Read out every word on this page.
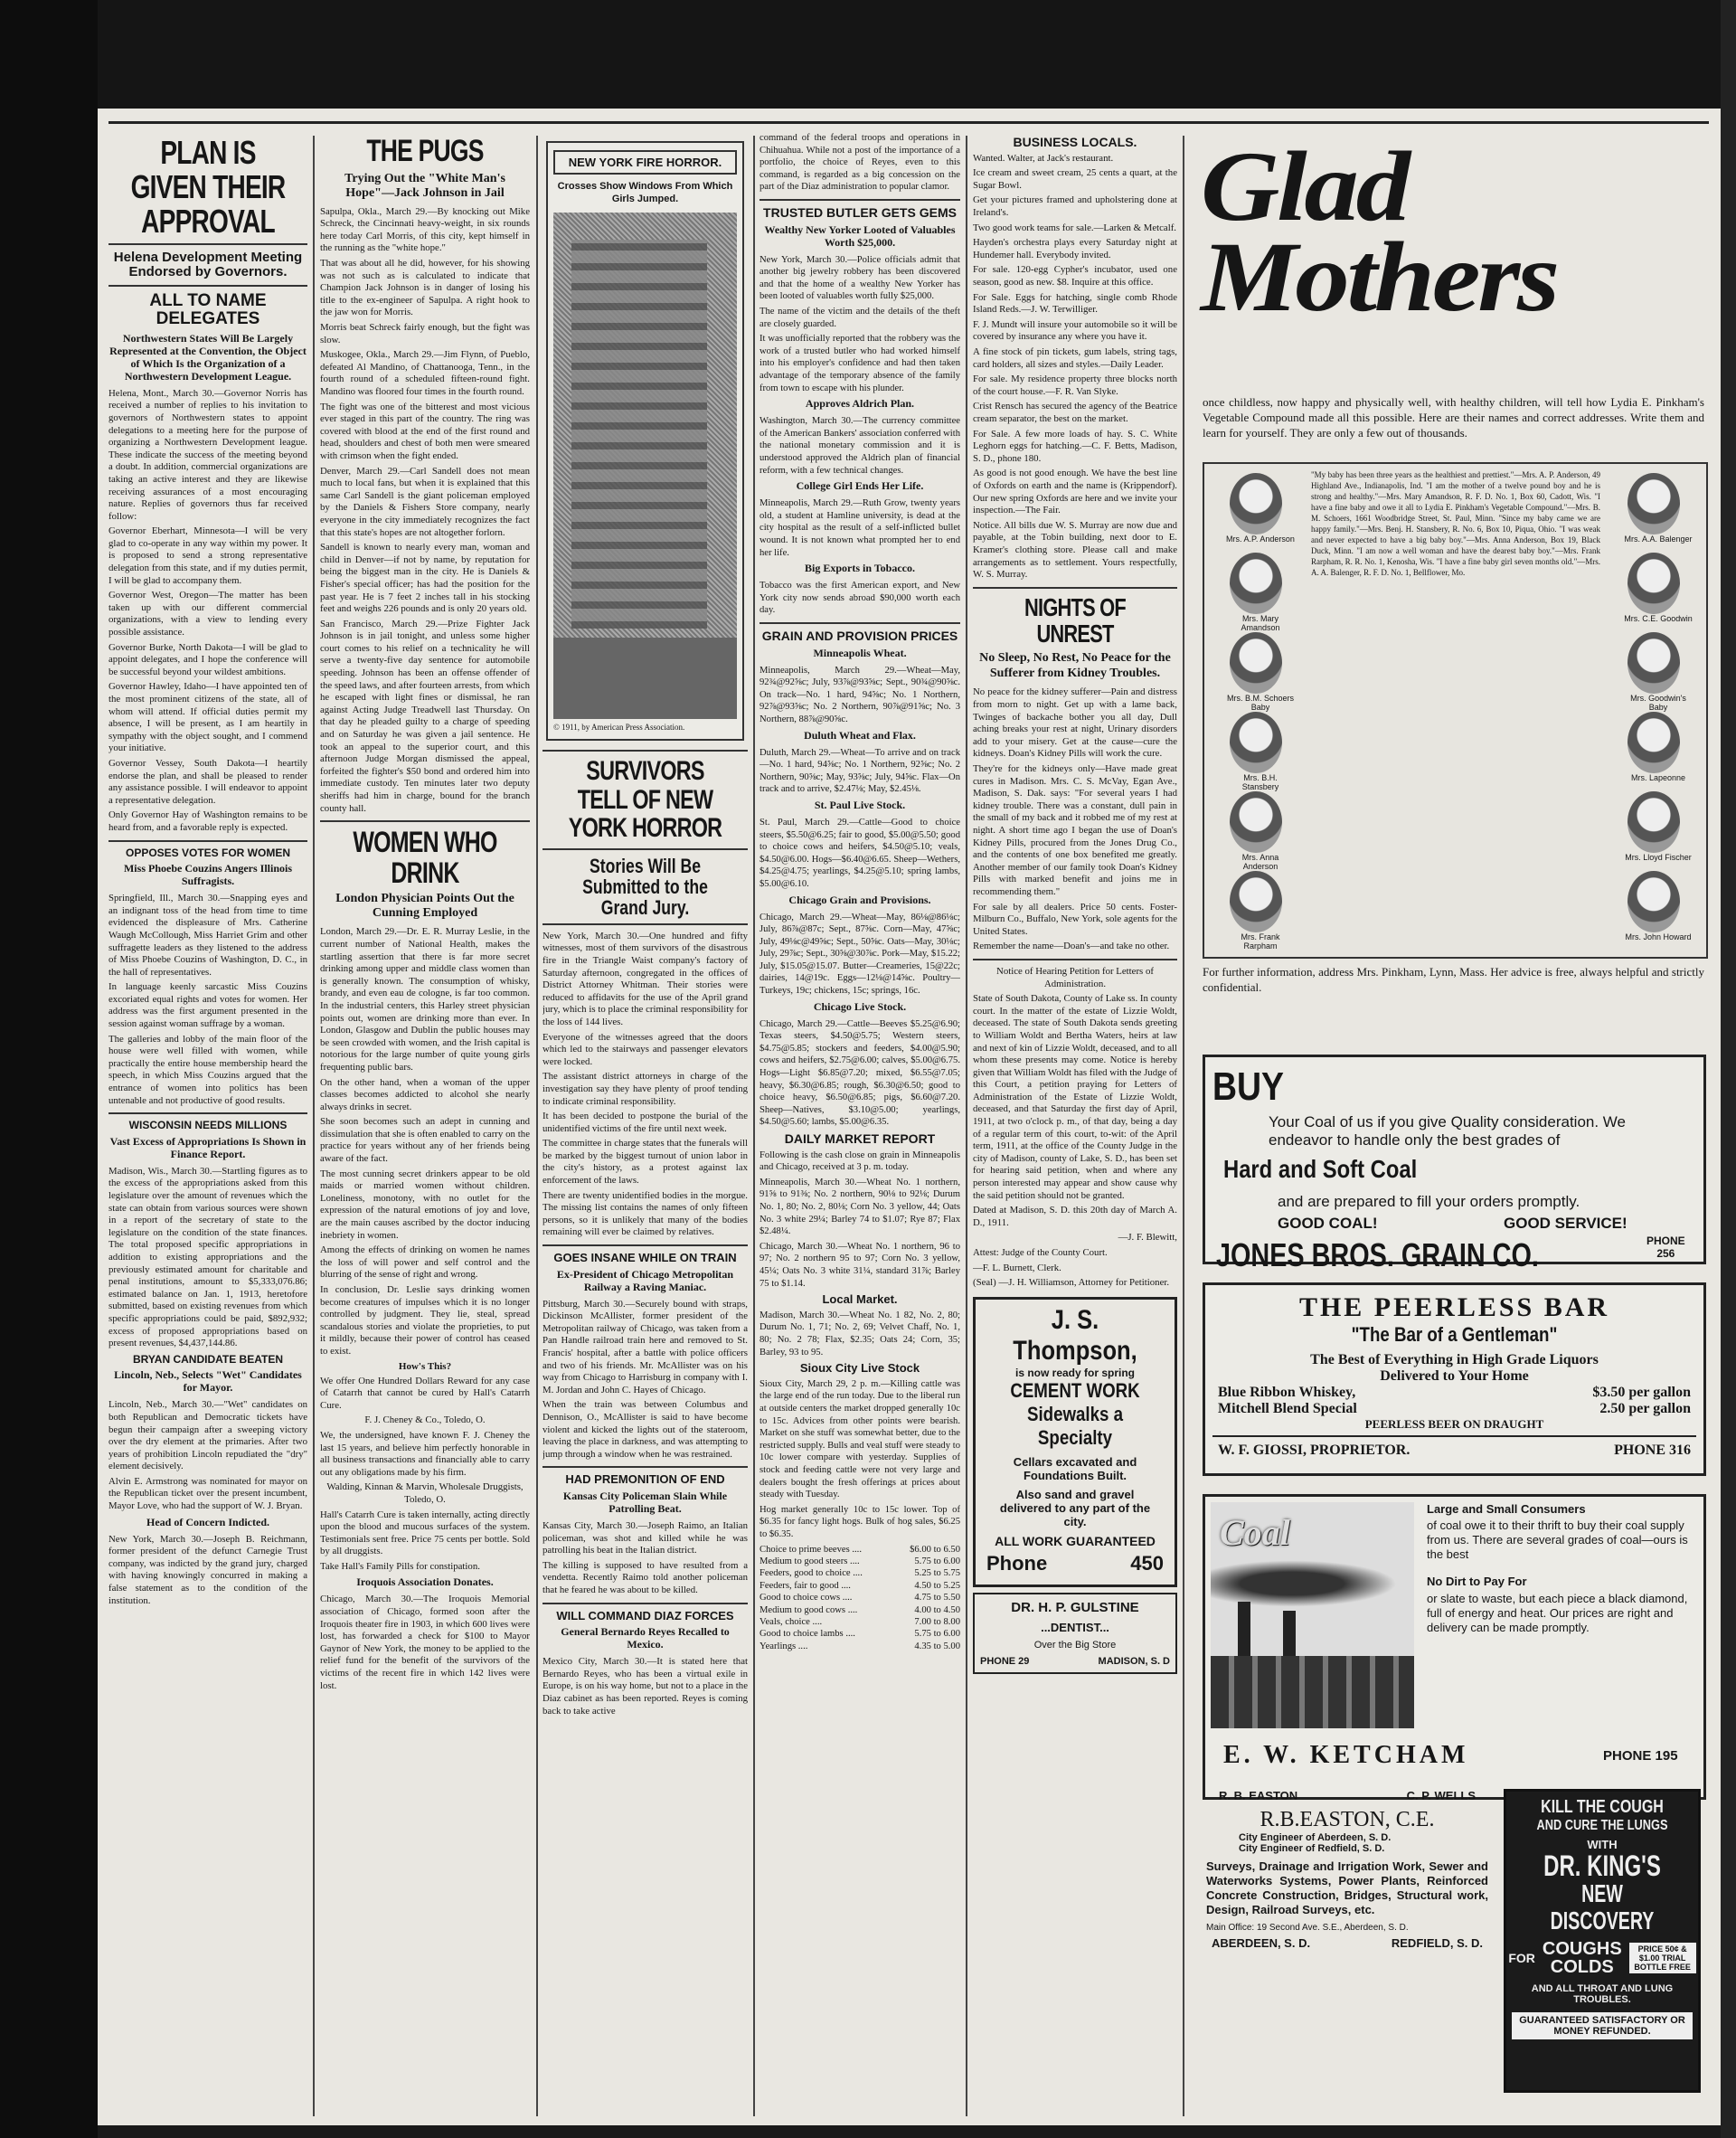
PLAN IS GIVEN THEIR APPROVAL
Helena Development Meeting Endorsed by Governors.
ALL TO NAME DELEGATES
Northwestern States Will Be Largely Represented at the Convention, the Object of Which Is the Organization of a Northwestern Development League.

Helena, Mont., March 30.—Governor Norris has received a number of replies to his invitation to governors of Northwestern states to appoint delegations to a meeting here for the purpose of organizing a Northwestern Development league. These indicate the success of the meeting beyond a doubt. In addition, commercial organizations are taking an active interest and they are likewise receiving assurances of a most encouraging nature. Replies of governors thus far received follow:

Governor Eberhart, Minnesota—I will be very glad to co-operate in any way within my power. It is proposed to send a strong representative delegation from this state, and if my duties permit, I will be glad to accompany them.

Governor West, Oregon—The matter has been taken up with our different commercial organizations, with a view to lending every possible assistance.

Governor Burke, North Dakota—I will be glad to appoint delegates, and I hope the conference will be successful beyond your wildest ambitions.

Governor Hawley, Idaho—I have appointed ten of the most prominent citizens of the state, all of whom will attend. If official duties permit my absence, I will be present, as I am heartily in sympathy with the object sought, and I commend your initiative.

Governor Vessey, South Dakota—I heartily endorse the plan, and shall be pleased to render any assistance possible. I will endeavor to appoint a representative delegation.

Only Governor Hay of Washington remains to be heard from, and a favorable reply is expected.

OPPOSES VOTES FOR WOMEN
Miss Phoebe Couzins Angers Illinois Suffragists.

Springfield, Ill., March 30.—Snapping eyes and an indignant toss of the head from time to time evidenced the displeasure of Mrs. Catherine Waugh McCollough, Miss Harriet Grim and other suffragette leaders as they listened to the address of Miss Phoebe Couzins of Washington, D. C., in the hall of representatives.

In language keenly sarcastic Miss Couzins excoriated equal rights and votes for women. Her address was the first argument presented in the session against woman suffrage by a woman.

The galleries and lobby of the main floor of the house were well filled with women, while practically the entire house membership heard the speech, in which Miss Couzins argued that the entrance of women into politics has been untenable and not productive of good results.

WISCONSIN NEEDS MILLIONS
Vast Excess of Appropriations Is Shown in Finance Report.

Madison, Wis., March 30.—Startling figures as to the excess of the appropriations asked from this legislature over the amount of revenues which the state can obtain from various sources were shown in a report of the secretary of state to the legislature on the condition of the state finances. The total proposed specific appropriations in addition to existing appropriations and the previously estimated amount for charitable and penal institutions, amount to $5,333,076.86; estimated balance on Jan. 1, 1913, heretofore submitted, based on existing revenues from which specific appropriations could be paid, $892,932; excess of proposed appropriations based on present revenues, $4,437,144.86.

BRYAN CANDIDATE BEATEN
Lincoln, Neb., Selects "Wet" Candidates for Mayor.

Lincoln, Neb., March 30.—"Wet" candidates on both Republican and Democratic tickets have begun their campaign after a sweeping victory over the dry element at the primaries. After two years of prohibition Lincoln repudiated the "dry" element decisively.

Alvin E. Armstrong was nominated for mayor on the Republican ticket over the present incumbent, Mayor Love, who had the support of W. J. Bryan.

Head of Concern Indicted.

New York, March 30.—Joseph B. Reichmann, former president of the defunct Carnegie Trust company, was indicted by the grand jury, charged with having knowingly concurred in making a false statement as to the condition of the institution.

THE PUGS
Trying Out the "White Man's Hope"—Jack Johnson in Jail

Sapulpa, Okla., March 29.—By knocking out Mike Schreck, the Cincinnati heavy-weight, in six rounds here today Carl Morris, of this city, kept himself in the running as the "white hope."

That was about all he did, however, for his showing was not such as is calculated to indicate that Champion Jack Johnson is in danger of losing his title to the ex-engineer of Sapulpa. A right hook to the jaw won for Morris.

Morris beat Schreck fairly enough, but the fight was slow.

Muskogee, Okla., March 29.—Jim Flynn, of Pueblo, defeated Al Mandino, of Chattanooga, Tenn., in the fourth round of a scheduled fifteen-round fight. Mandino was floored four times in the fourth round.

The fight was one of the bitterest and most vicious ever staged in this part of the country. The ring was covered with blood at the end of the first round and head, shoulders and chest of both men were smeared with crimson when the fight ended.

Denver, March 29.—Carl Sandell does not mean much to local fans, but when it is explained that this same Carl Sandell is the giant policeman employed by the Daniels & Fishers Store company, nearly everyone in the city immediately recognizes the fact that this state's hopes are not altogether forlorn.

Sandell is known to nearly every man, woman and child in Denver—if not by name, by reputation for being the biggest man in the city. He is Daniels & Fisher's special officer; has had the position for the past year. He is 7 feet 2 inches tall in his stocking feet and weighs 226 pounds and is only 20 years old.

San Francisco, March 29.—Prize Fighter Jack Johnson is in jail tonight, and unless some higher court comes to his relief on a technicality he will serve a twenty-five day sentence for automobile speeding. Johnson has been an offense offender of the speed laws, and after fourteen arrests, from which he escaped with light fines or dismissal, he ran against Acting Judge Treadwell last Thursday. On that day he pleaded guilty to a charge of speeding and on Saturday he was given a jail sentence. He took an appeal to the superior court, and this afternoon Judge Morgan dismissed the appeal, forfeited the fighter's $50 bond and ordered him into immediate custody. Ten minutes later two deputy sheriffs had him in charge, bound for the branch county hall.

WOMEN WHO DRINK
London Physician Points Out the Cunning Employed

London, March 29.—Dr. E. R. Murray Leslie, in the current number of National Health, makes the startling assertion that there is far more secret drinking among upper and middle class women than is generally known. The consumption of whisky, brandy, and even eau de cologne, is far too common. In the industrial centers, this Harley street physician points out, women are drinking more than ever. In London, Glasgow and Dublin the public houses may be seen crowded with women, and the Irish capital is notorious for the large number of quite young girls frequenting public bars.

On the other hand, when a woman of the upper classes becomes addicted to alcohol she nearly always drinks in secret.

She soon becomes such an adept in cunning and dissimulation that she is often enabled to carry on the practice for years without any of her friends being aware of the fact.

The most cunning secret drinkers appear to be old maids or married women without children. Loneliness, monotony, with no outlet for the expression of the natural emotions of joy and love, are the main causes ascribed by the doctor inducing inebriety in women.

Among the effects of drinking on women he names the loss of will power and self control and the blurring of the sense of right and wrong.

In conclusion, Dr. Leslie says drinking women become creatures of impulses which it is no longer controlled by judgment. They lie, steal, spread scandalous stories and violate the proprieties, to put it mildly, because their power of control has ceased to exist.

How's This?

We offer One Hundred Dollars Reward for any case of Catarrh that cannot be cured by Hall's Catarrh Cure.

F. J. Cheney & Co., Toledo, O.

We, the undersigned, have known F. J. Cheney the last 15 years, and believe him perfectly honorable in all business transactions and financially able to carry out any obligations made by his firm.

Walding, Kinnan & Marvin, Wholesale Druggists, Toledo, O.

Hall's Catarrh Cure is taken internally, acting directly upon the blood and mucous surfaces of the system. Testimonials sent free. Price 75 cents per bottle. Sold by all druggists.

Take Hall's Family Pills for constipation.

Iroquois Association Donates.

Chicago, March 30.—The Iroquois Memorial association of Chicago, formed soon after the Iroquois theater fire in 1903, in which 600 lives were lost, has forwarded a check for $100 to Mayor Gaynor of New York, the money to be applied to the relief fund for the benefit of the survivors of the victims of the recent fire in which 142 lives were lost.

NEW YORK FIRE HORROR.
Crosses Show Windows From Which Girls Jumped.
© 1911, by American Press Association.
SURVIVORS TELL OF NEW YORK HORROR
Stories Will Be Submitted to the Grand Jury.

New York, March 30.—One hundred and fifty witnesses, most of them survivors of the disastrous fire in the Triangle Waist company's factory of Saturday afternoon, congregated in the offices of District Attorney Whitman. Their stories were reduced to affidavits for the use of the April grand jury, which is to place the criminal responsibility for the loss of 144 lives.

Everyone of the witnesses agreed that the doors which led to the stairways and passenger elevators were locked.

The assistant district attorneys in charge of the investigation say they have plenty of proof tending to indicate criminal responsibility.

It has been decided to postpone the burial of the unidentified victims of the fire until next week.

The committee in charge states that the funerals will be marked by the biggest turnout of union labor in the city's history, as a protest against lax enforcement of the laws.

There are twenty unidentified bodies in the morgue. The missing list contains the names of only fifteen persons, so it is unlikely that many of the bodies remaining will ever be claimed by relatives.

GOES INSANE WHILE ON TRAIN
Ex-President of Chicago Metropolitan Railway a Raving Maniac.

Pittsburg, March 30.—Securely bound with straps, Dickinson McAllister, former president of the Metropolitan railway of Chicago, was taken from a Pan Handle railroad train here and removed to St. Francis' hospital, after a battle with police officers and two of his friends. Mr. McAllister was on his way from Chicago to Harrisburg in company with I. M. Jordan and John C. Hayes of Chicago.

When the train was between Columbus and Dennison, O., McAllister is said to have become violent and kicked the lights out of the stateroom, leaving the place in darkness, and was attempting to jump through a window when he was restrained.

HAD PREMONITION OF END
Kansas City Policeman Slain While Patrolling Beat.

Kansas City, March 30.—Joseph Raimo, an Italian policeman, was shot and killed while he was patrolling his beat in the Italian district.

The killing is supposed to have resulted from a vendetta. Recently Raimo told another policeman that he feared he was about to be killed.

WILL COMMAND DIAZ FORCES
General Bernardo Reyes Recalled to Mexico.

Mexico City, March 30.—It is stated here that Bernardo Reyes, who has been a virtual exile in Europe, is on his way home, but not to a place in the Diaz cabinet as has been reported. Reyes is coming back to take active

command of the federal troops and operations in Chihuahua. While not a post of the importance of a portfolio, the choice of Reyes, even to this command, is regarded as a big concession on the part of the Diaz administration to popular clamor.

TRUSTED BUTLER GETS GEMS
Wealthy New Yorker Looted of Valuables Worth $25,000.

New York, March 30.—Police officials admit that another big jewelry robbery has been discovered and that the home of a wealthy New Yorker has been looted of valuables worth fully $25,000.

The name of the victim and the details of the theft are closely guarded.

It was unofficially reported that the robbery was the work of a trusted butler who had worked himself into his employer's confidence and had then taken advantage of the temporary absence of the family from town to escape with his plunder.

Approves Aldrich Plan.

Washington, March 30.—The currency committee of the American Bankers' association conferred with the national monetary commission and it is understood approved the Aldrich plan of financial reform, with a few technical changes.

College Girl Ends Her Life.

Minneapolis, March 29.—Ruth Grow, twenty years old, a student at Hamline university, is dead at the city hospital as the result of a self-inflicted bullet wound. It is not known what prompted her to end her life.

Big Exports in Tobacco.

Tobacco was the first American export, and New York city now sends abroad $90,000 worth each day.

GRAIN AND PROVISION PRICES
Minneapolis Wheat.

Minneapolis, March 29.—Wheat—May, 92¾@92⅝c; July, 93⅞@93⅝c; Sept., 90¾@90⅝c. On track—No. 1 hard, 94⅝c; No. 1 Northern, 92⅞@93⅝c; No. 2 Northern, 90⅞@91⅝c; No. 3 Northern, 88⅞@90⅝c.

Duluth Wheat and Flax.

Duluth, March 29.—Wheat—To arrive and on track—No. 1 hard, 94⅝c; No. 1 Northern, 92⅝c; No. 2 Northern, 90⅝c; May, 93⅝c; July, 94⅝c. Flax—On track and to arrive, $2.47⅛; May, $2.45⅛.

St. Paul Live Stock.

St. Paul, March 29.—Cattle—Good to choice steers, $5.50@6.25; fair to good, $5.00@5.50; good to choice cows and heifers, $4.50@5.10; veals, $4.50@6.00. Hogs—$6.40@6.65. Sheep—Wethers, $4.25@4.75; yearlings, $4.25@5.10; spring lambs, $5.00@6.10.

Chicago Grain and Provisions.

Chicago, March 29.—Wheat—May, 86⅛@86⅛c; July, 86⅞@87c; Sept., 87⅝c. Corn—May, 47⅝c; July, 49⅛c@49⅝c; Sept., 50⅝c. Oats—May, 30⅛c; July, 29⅞c; Sept., 30⅝@30⅞c. Pork—May, $15.22; July, $15.05@15.07. Butter—Creameries, 15@22c; dairies, 14@19c. Eggs—12⅛@14⅝c. Poultry—Turkeys, 19c; chickens, 15c; springs, 16c.

Chicago Live Stock.

Chicago, March 29.—Cattle—Beeves $5.25@6.90; Texas steers, $4.50@5.75; Western steers, $4.75@5.85; stockers and feeders, $4.00@5.90; cows and heifers, $2.75@6.00; calves, $5.00@6.75. Hogs—Light $6.85@7.20; mixed, $6.55@7.05; heavy, $6.30@6.85; rough, $6.30@6.50; good to choice heavy, $6.50@6.85; pigs, $6.60@7.20. Sheep—Natives, $3.10@5.00; yearlings, $4.50@5.60; lambs, $5.00@6.35.

DAILY MARKET REPORT

Following is the cash close on grain in Minneapolis and Chicago, received at 3 p. m. today.

Minneapolis, March 30.—Wheat No. 1 northern, 91⅝ to 91⅜; No. 2 northern, 90⅛ to 92⅛; Durum No. 1, 80; No. 2, 80⅛; Corn No. 3 yellow, 44; Oats No. 3 white 29¼; Barley 74 to $1.07; Rye 87; Flax $2.48¼.

Chicago, March 30.—Wheat No. 1 northern, 96 to 97; No. 2 northern 95 to 97; Corn No. 3 yellow, 45¼; Oats No. 3 white 31¼, standard 31⅞; Barley 75 to $1.14.

Local Market.

Madison, March 30.—Wheat No. 1 82, No. 2, 80; Durum No. 1, 71; No. 2, 69; Velvet Chaff, No. 1, 80; No. 2 78; Flax, $2.35; Oats 24; Corn, 35; Barley, 93 to 95.

Sioux City Live Stock

Sioux City, March 29, 2 p. m.—Killing cattle was the large end of the run today. Due to the liberal run at outside centers the market dropped generally 10c to 15c. Advices from other points were bearish. Market on she stuff was somewhat better, due to the restricted supply. Bulls and veal stuff were steady to 10c lower compare with yesterday. Supplies of stock and feeding cattle were not very large and dealers bought the fresh offerings at prices about steady with Tuesday.

Hog market generally 10c to 15c lower. Top of $6.35 for fancy light hogs. Bulk of hog sales, $6.25 to $6.35.

Choice to prime beeves ....	$6.00 to 6.50
Medium to good steers ....	5.75 to 6.00
Feeders, good to choice ....	5.25 to 5.75
Feeders, fair to good ....	4.50 to 5.25
Good to choice cows ....	4.75 to 5.50
Medium to good cows ....	4.00 to 4.50
Veals, choice ....	7.00 to 8.00
Good to choice lambs ....	5.75 to 6.00
Yearlings ....	4.35 to 5.00
BUSINESS LOCALS.

Wanted. Walter, at Jack's restaurant.

Ice cream and sweet cream, 25 cents a quart, at the Sugar Bowl.

Get your pictures framed and upholstering done at Ireland's.

Two good work teams for sale.—Larken & Metcalf.

Hayden's orchestra plays every Saturday night at Hundemer hall. Everybody invited.

For sale. 120-egg Cypher's incubator, used one season, good as new. $8. Inquire at this office.

For Sale. Eggs for hatching, single comb Rhode Island Reds.—J. W. Terwilliger.

F. J. Mundt will insure your automobile so it will be covered by insurance any where you have it.

A fine stock of pin tickets, gum labels, string tags, card holders, all sizes and styles.—Daily Leader.

For sale. My residence property three blocks north of the court house.—F. R. Van Slyke.

Crist Rensch has secured the agency of the Beatrice cream separator, the best on the market.

For Sale. A few more loads of hay. S. C. White Leghorn eggs for hatching.—C. F. Betts, Madison, S. D., phone 180.

As good is not good enough. We have the best line of Oxfords on earth and the name is (Krippendorf). Our new spring Oxfords are here and we invite your inspection.—The Fair.

Notice. All bills due W. S. Murray are now due and payable, at the Tobin building, next door to E. Kramer's clothing store. Please call and make arrangements as to settlement. Yours respectfully, W. S. Murray.

NIGHTS OF UNREST
No Sleep, No Rest, No Peace for the Sufferer from Kidney Troubles.

No peace for the kidney sufferer—Pain and distress from morn to night. Get up with a lame back, Twinges of backache bother you all day, Dull aching breaks your rest at night, Urinary disorders add to your misery. Get at the cause—cure the kidneys. Doan's Kidney Pills will work the cure.

They're for the kidneys only—Have made great cures in Madison. Mrs. C. S. McVay, Egan Ave., Madison, S. Dak. says: "For several years I had kidney trouble. There was a constant, dull pain in the small of my back and it robbed me of my rest at night. A short time ago I began the use of Doan's Kidney Pills, procured from the Jones Drug Co., and the contents of one box benefited me greatly. Another member of our family took Doan's Kidney Pills with marked benefit and joins me in recommending them."

For sale by all dealers. Price 50 cents. Foster-Milburn Co., Buffalo, New York, sole agents for the United States.

Remember the name—Doan's—and take no other.

Notice of Hearing Petition for Letters of Administration.

State of South Dakota, County of Lake ss. In county court. In the matter of the estate of Lizzie Woldt, deceased. The state of South Dakota sends greeting to William Woldt and Bertha Waters, heirs at law and next of kin of Lizzie Woldt, deceased, and to all whom these presents may come. Notice is hereby given that William Woldt has filed with the Judge of this Court, a petition praying for Letters of Administration of the Estate of Lizzie Woldt, deceased, and that Saturday the first day of April, 1911, at two o'clock p. m., of that day, being a day of a regular term of this court, to-wit: of the April term, 1911, at the office of the County Judge in the city of Madison, county of Lake, S. D., has been set for hearing said petition, when and where any person interested may appear and show cause why the said petition should not be granted.

Dated at Madison, S. D. this 20th day of March A. D., 1911.

—J. F. Blewitt,

Attest: Judge of the County Court.

—F. L. Burnett, Clerk.

(Seal) —J. H. Williamson, Attorney for Petitioner.

J. S. Thompson,
is now ready for spring
CEMENT WORK
Sidewalks a Specialty
Cellars excavated and Foundations Built.
Also sand and gravel delivered to any part of the city.
ALL WORK GUARANTEED
Phone	450
DR. H. P. GULSTINE
...DENTIST...
Over the Big Store
PHONE 29	MADISON, S. D
Glad Mothers
once childless, now happy and physically well, with healthy children, will tell how Lydia E. Pinkham's Vegetable Compound made all this possible. Here are their names and correct addresses. Write them and learn for yourself. They are only a few out of thousands.
"My baby has been three years as the healthiest and prettiest."—Mrs. A. P. Anderson, 49 Highland Ave., Indianapolis, Ind. "I am the mother of a twelve pound boy and he is strong and healthy."—Mrs. Mary Amandson, R. F. D. No. 1, Box 60, Cadott, Wis. "I have a fine baby and owe it all to Lydia E. Pinkham's Vegetable Compound."—Mrs. B. M. Schoers, 1661 Woodbridge Street, St. Paul, Minn. "Since my baby came we are happy family."—Mrs. Benj. H. Stansbery, R. No. 6, Box 10, Piqua, Ohio. "I was weak and never expected to have a big baby boy."—Mrs. Anna Anderson, Box 19, Black Duck, Minn. "I am now a well woman and have the dearest baby boy."—Mrs. Frank Rarpham, R. R. No. 1, Kenosha, Wis. "I have a fine baby girl seven months old."—Mrs. A. A. Balenger, R. F. D. No. 1, Bellflower, Mo.
Mrs. A.P. Anderson
Mrs. Mary Amandson
Mrs. B.M. Schoers Baby
Mrs. B.H. Stansbery
Mrs. Anna Anderson
Mrs. Frank Rarpham
Mrs. A.A. Balenger
Mrs. C.E. Goodwin
Mrs. Goodwin's Baby
Mrs. Lapeonne
Mrs. Lloyd Fischer
Mrs. John Howard
For further information, address Mrs. Pinkham, Lynn, Mass. Her advice is free, always helpful and strictly confidential.
BUY
Your Coal of us if you give Quality consideration. We endeavor to handle only the best grades of
Hard and Soft Coal
and are prepared to fill your orders promptly.
GOOD COAL!	GOOD SERVICE!
JONES BROS. GRAIN CO.	PHONE
256
THE PEERLESS BAR
"The Bar of a Gentleman"
The Best of Everything in High Grade Liquors
Delivered to Your Home
Blue Ribbon Whiskey,	$3.50 per gallon
Mitchell Blend Special	2.50 per gallon
PEERLESS BEER ON DRAUGHT
W. F. GIOSSI, PROPRIETOR.	PHONE 316
Coal
Large and Small Consumers
of coal owe it to their thrift to buy their coal supply from us. There are several grades of coal—ours is the best
No Dirt to Pay For
or slate to waste, but each piece a black diamond, full of energy and heat. Our prices are right and delivery can be made promptly.
E. W. KETCHAM	PHONE 195
R. B. EASTON	C. P. WELLS
R.B.EASTON, C.E.
City Engineer of Aberdeen, S. D.
City Engineer of Redfield, S. D.
Surveys, Drainage and Irrigation Work, Sewer and Waterworks Systems, Power Plants, Reinforced Concrete Construction, Bridges, Structural work, Design, Railroad Surveys, etc.
Main Office: 19 Second Ave. S.E., Aberdeen, S. D.
ABERDEEN, S. D.	REDFIELD, S. D.
KILL THE COUGH
AND CURE THE LUNGS
WITH
DR. KING'S
NEW DISCOVERY
FOR COUGHS
COLDS
PRICE 50¢ & $1.00 TRIAL BOTTLE FREE
AND ALL THROAT AND LUNG TROUBLES.
GUARANTEED SATISFACTORY OR MONEY REFUNDED.
